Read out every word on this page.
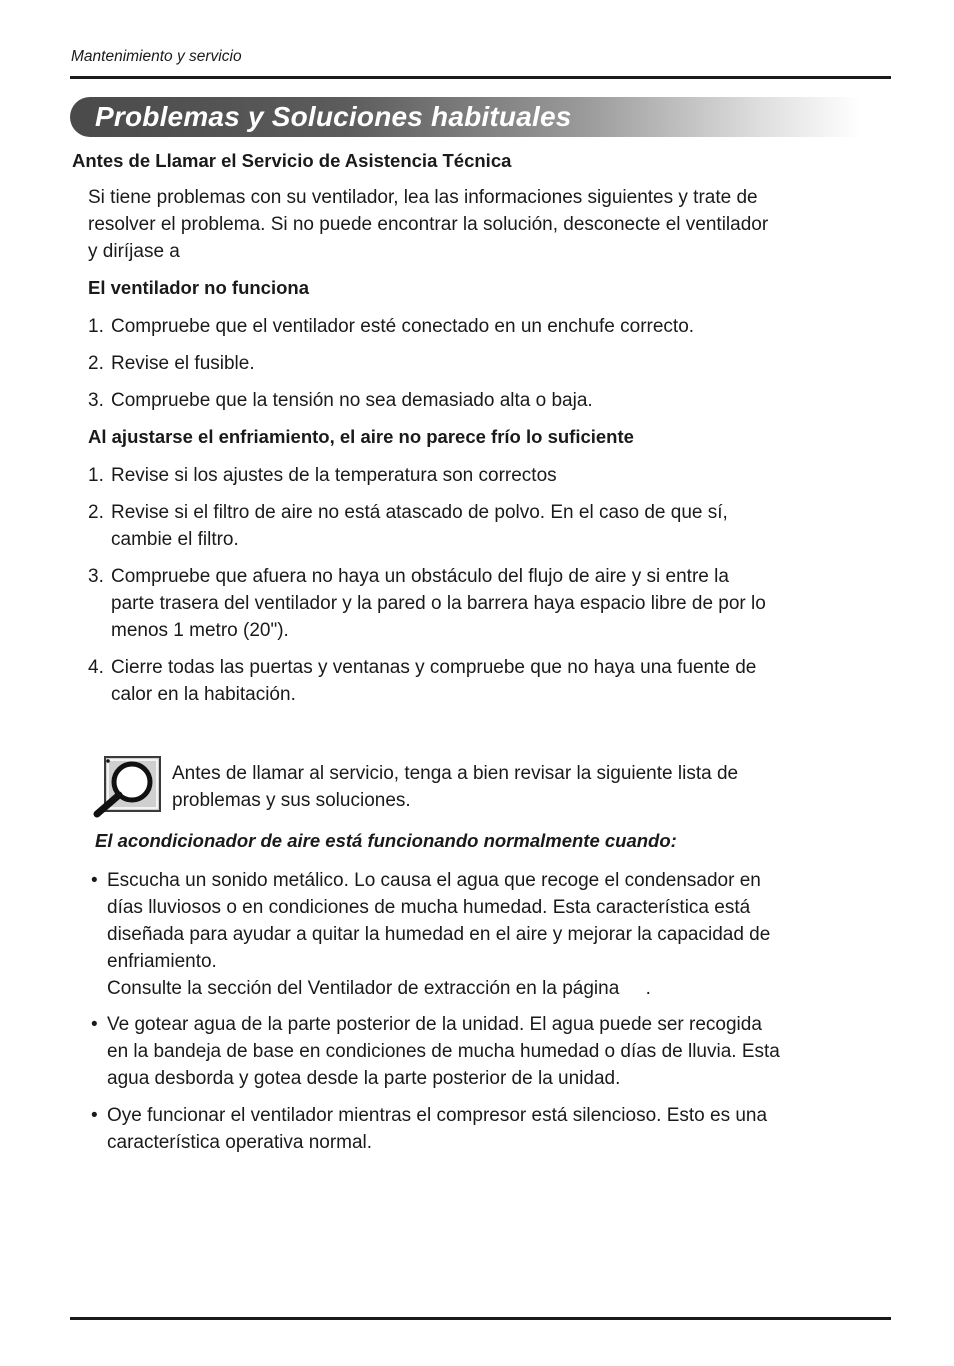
Mantenimiento y servicio
Problemas y Soluciones habituales
Antes de Llamar el Servicio de Asistencia Técnica
Si tiene problemas con su ventilador, lea las informaciones siguientes y trate de
resolver el problema. Si no puede encontrar la solución, desconecte el ventilador
y diríjase a
El ventilador no funciona
1. Compruebe que el ventilador esté conectado en un enchufe correcto.
2. Revise el fusible.
3. Compruebe que la tensión no sea demasiado alta o baja.
Al ajustarse el enfriamiento, el aire no parece frío lo suficiente
1. Revise si los ajustes de la temperatura son correctos
2. Revise si el filtro de aire no está atascado de polvo. En el caso de que sí,
cambie el filtro.
3. Compruebe que afuera no haya un obstáculo del flujo de aire y si entre la
parte trasera del ventilador y la pared o la barrera haya espacio libre de por lo
menos 1 metro (20").
4. Cierre todas las puertas y ventanas y compruebe que no haya una fuente de
calor en la habitación.
Antes de llamar al servicio, tenga a bien revisar la siguiente lista de
problemas y sus soluciones.
El acondicionador de aire está funcionando normalmente cuando:
• Escucha un sonido metálico. Lo causa el agua que recoge el condensador en
días lluviosos o en condiciones de mucha humedad. Esta característica está
diseñada para ayudar a quitar la humedad en el aire y mejorar la capacidad de
enfriamiento.
Consulte la sección del Ventilador de extracción en la página     .
• Ve gotear agua de la parte posterior de la unidad. El agua puede ser recogida
en la bandeja de base en condiciones de mucha humedad o días de lluvia. Esta
agua desborda y gotea desde la parte posterior de la unidad.
• Oye funcionar el ventilador mientras el compresor está silencioso. Esto es una
característica operativa normal.
